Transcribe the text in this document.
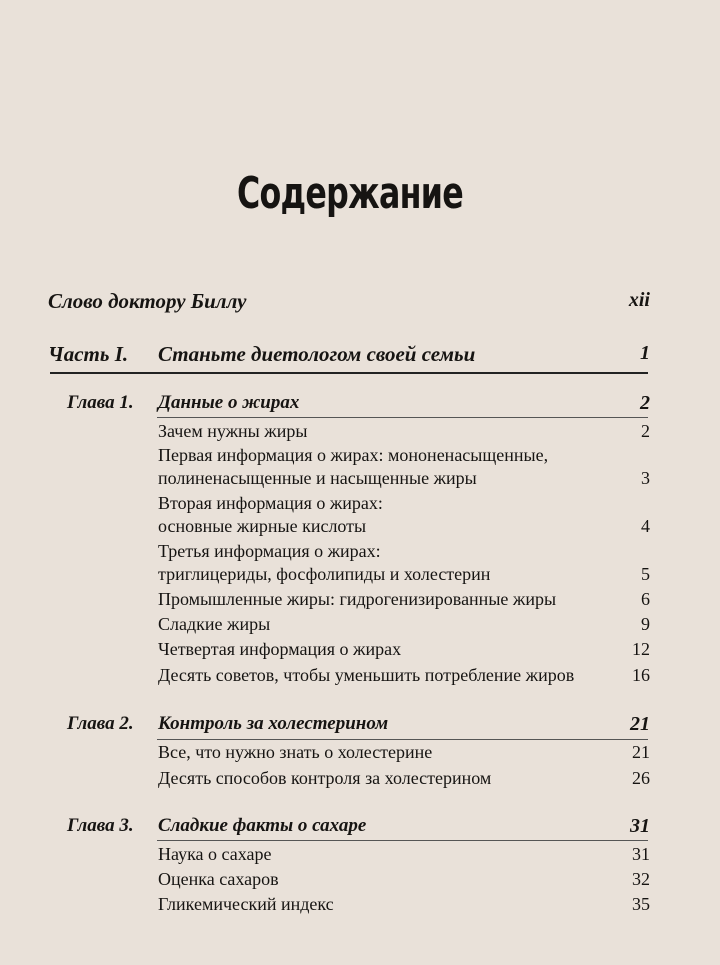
Содержание
Слово доктору Биллу	xii
Часть I. Станьте диетологом своей семьи	1
Глава 1. Данные о жирах	2
Зачем нужны жиры	2
Первая информация о жирах: мононенасыщенные,
полиненасыщенные и насыщенные жиры	3
Вторая информация о жирах:
основные жирные кислоты	4
Третья информация о жирах:
триглицериды, фосфолипиды и холестерин	5
Промышленные жиры: гидрогенизированные жиры	6
Сладкие жиры	9
Четвертая информация о жирах	12
Десять советов, чтобы уменьшить потребление жиров	16
Глава 2. Контроль за холестерином	21
Все, что нужно знать о холестерине	21
Десять способов контроля за холестерином	26
Глава 3. Сладкие факты о сахаре	31
Наука о сахаре	31
Оценка сахаров	32
Гликемический индекс	35
